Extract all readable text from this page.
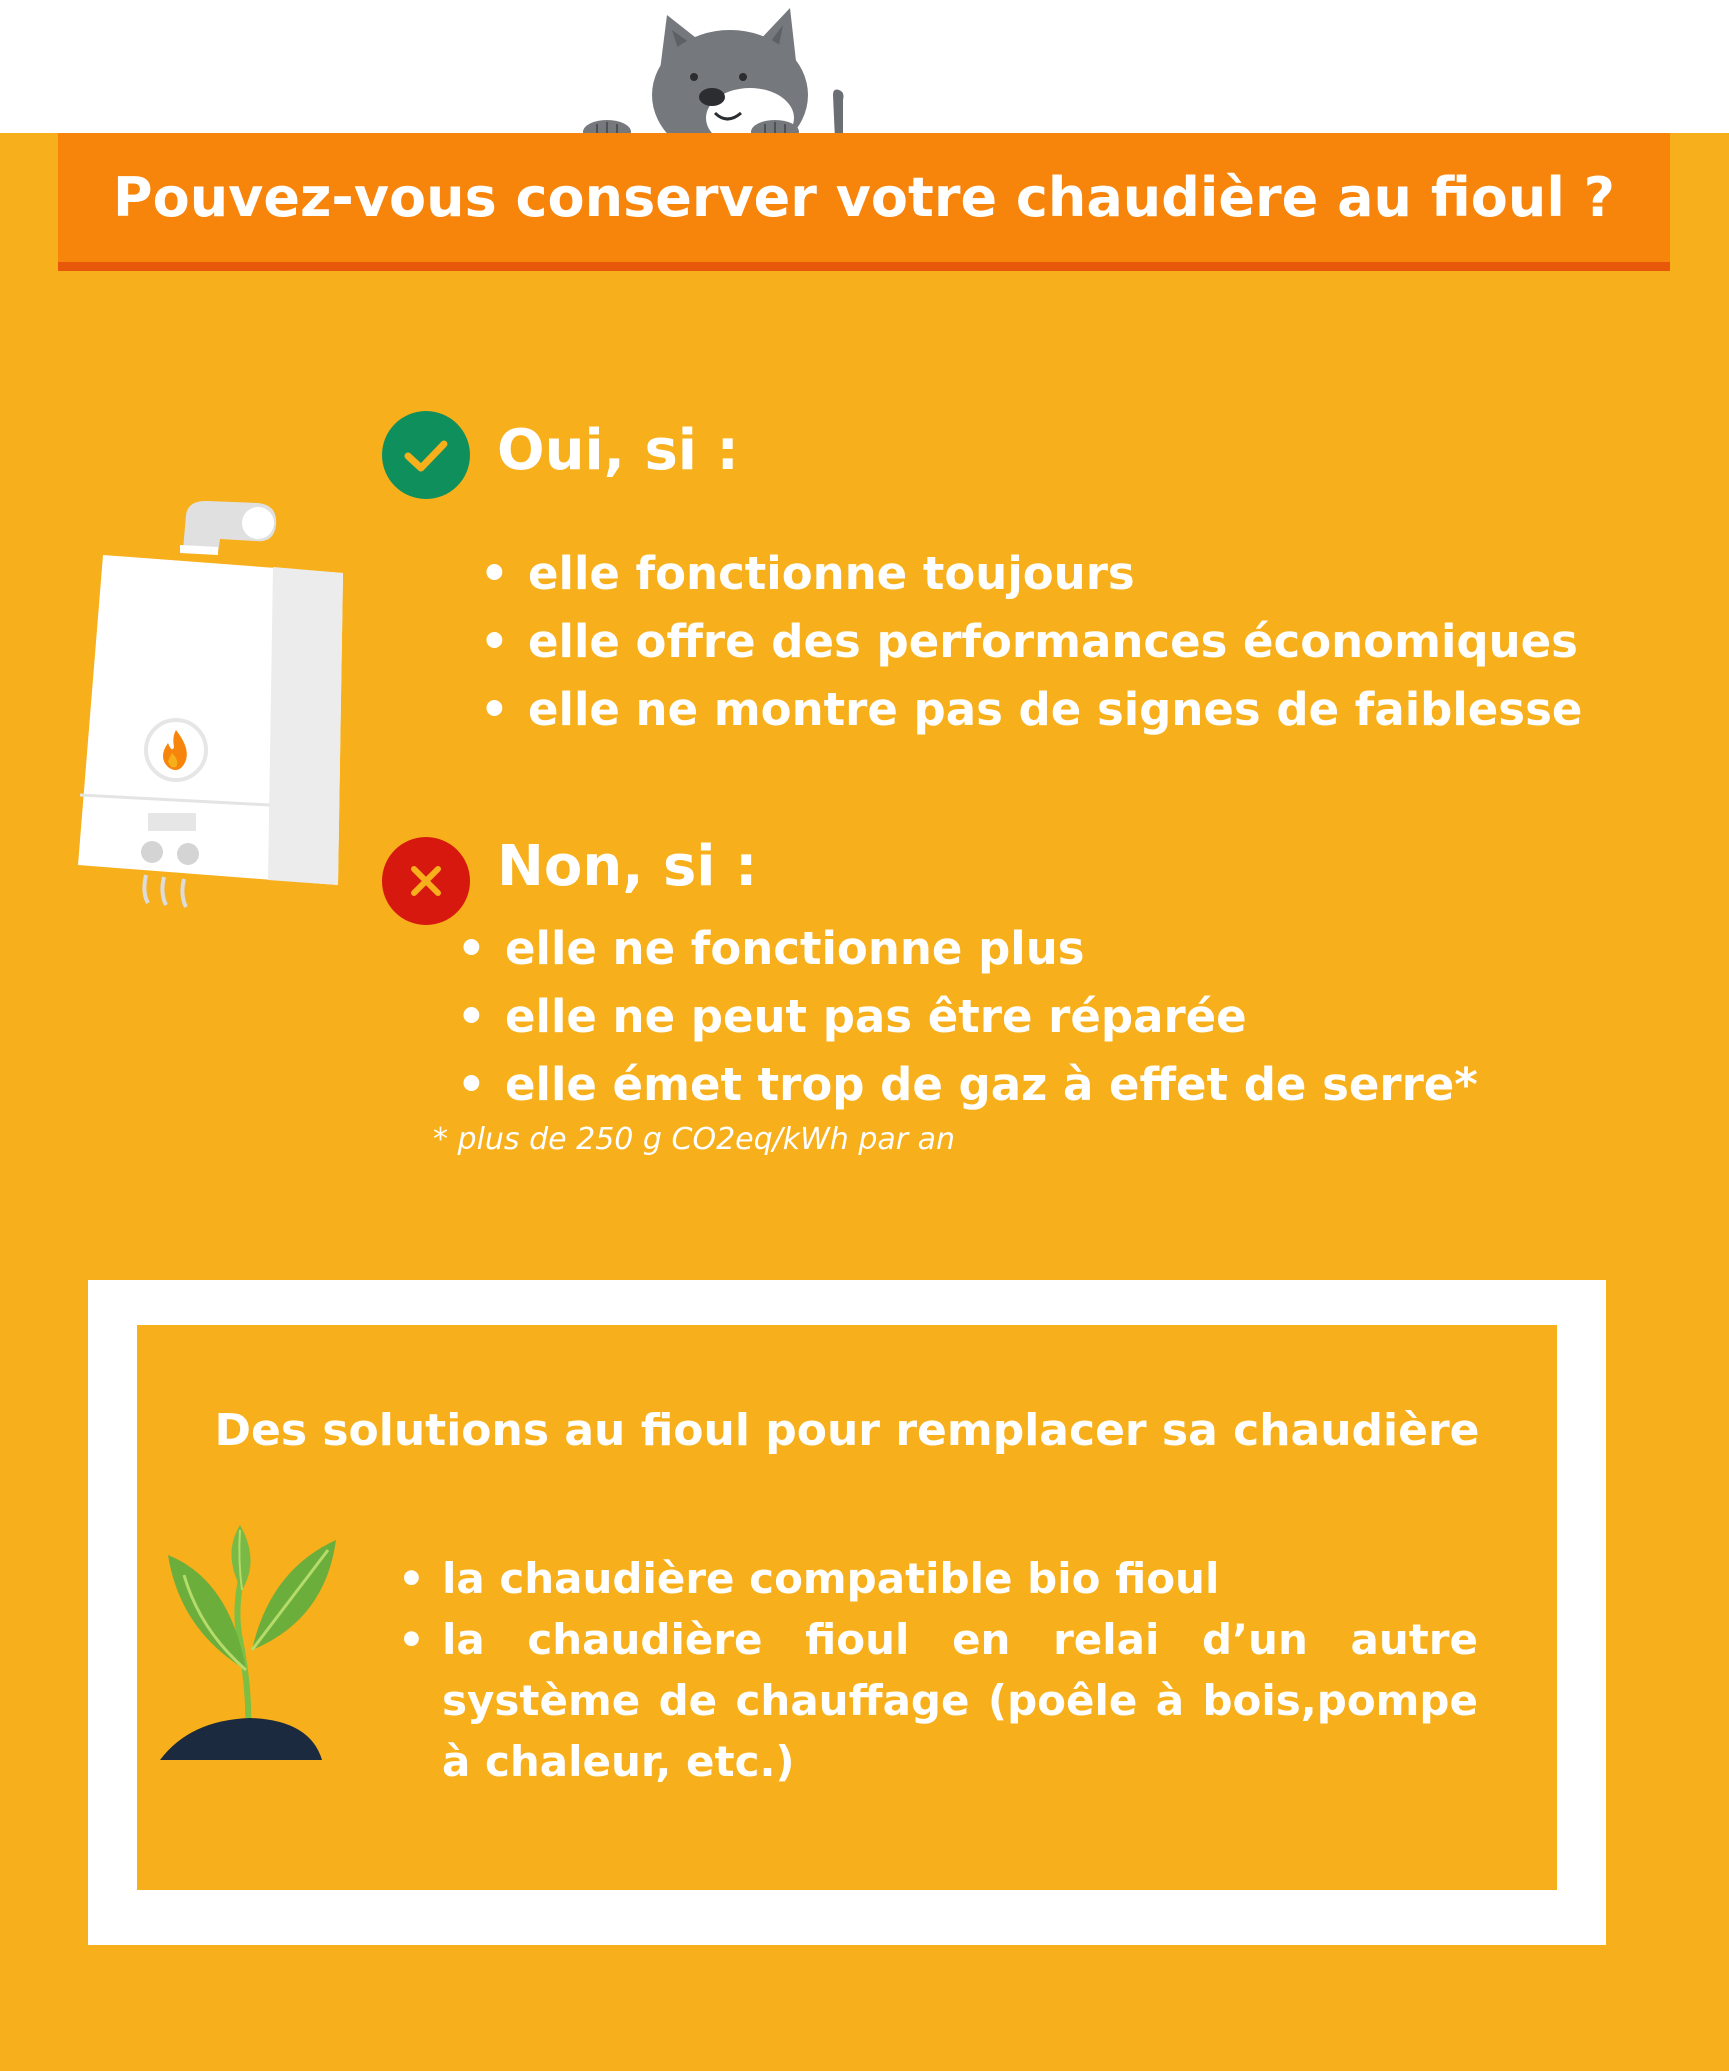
Pouvez-vous conserver votre chaudière au fioul ?
Oui, si :
• elle fonctionne toujours
• elle offre des performances économiques
• elle ne montre pas de signes de faiblesse
Non, si :
• elle ne fonctionne plus
• elle ne peut pas être réparée
• elle émet trop de gaz à effet de serre*
* plus de 250 g CO2eq/kWh par an
Des solutions au fioul pour remplacer sa chaudière
• la chaudière compatible bio fioul
• la chaudière fioul en relai d’un autre système de chauffage (poêle à bois,pompe à chaleur, etc.)
